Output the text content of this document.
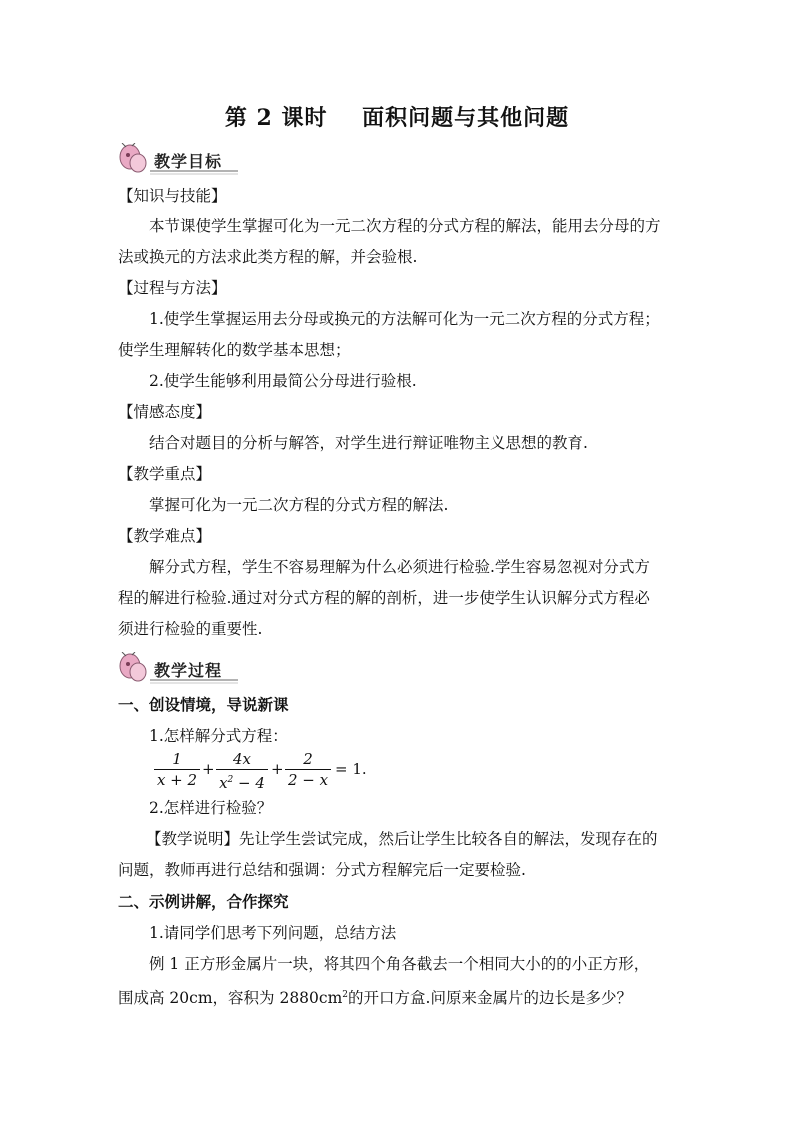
第 2 课时    面积问题与其他问题
教学目标
【知识与技能】
本节课使学生掌握可化为一元二次方程的分式方程的解法，能用去分母的方
法或换元的方法求此类方程的解，并会验根.
【过程与方法】
1.使学生掌握运用去分母或换元的方法解可化为一元二次方程的分式方程；
使学生理解转化的数学基本思想；
2.使学生能够利用最简公分母进行验根.
【情感态度】
结合对题目的分析与解答，对学生进行辩证唯物主义思想的教育.
【教学重点】
掌握可化为一元二次方程的分式方程的解法.
【教学难点】
解分式方程，学生不容易理解为什么必须进行检验.学生容易忽视对分式方
程的解进行检验.通过对分式方程的解的剖析，进一步使学生认识解分式方程必
须进行检验的重要性.
教学过程
一、创设情境，导说新课
1.怎样解分式方程：
1
x + 2
+
4x
$x^2 - 4$
+
2
2 − x
= 1.
2.怎样进行检验？
【教学说明】先让学生尝试完成，然后让学生比较各自的解法，发现存在的
问题，教师再进行总结和强调：分式方程解完后一定要检验.
二、示例讲解，合作探究
1.请同学们思考下列问题，总结方法
例 1 正方形金属片一块，将其四个角各截去一个相同大小的的小正方形，
围成高 20cm，容积为 $2880cm^2$的开口方盒.问原来金属片的边长是多少？
